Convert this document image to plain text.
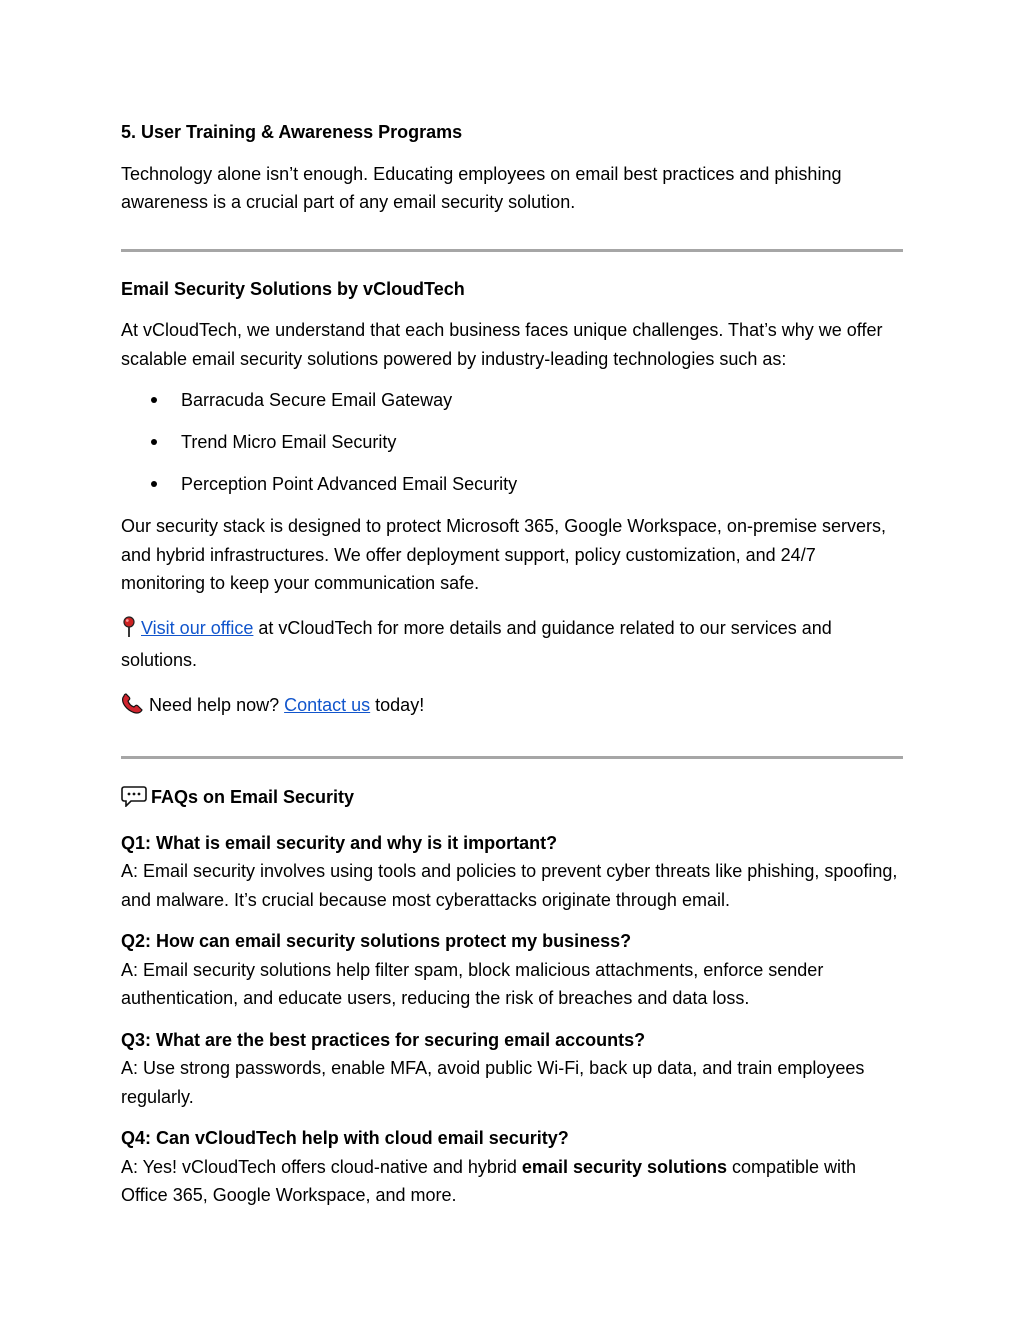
5. User Training & Awareness Programs

Technology alone isn’t enough. Educating employees on email best practices and phishing awareness is a crucial part of any email security solution.

Email Security Solutions by vCloudTech

At vCloudTech, we understand that each business faces unique challenges. That’s why we offer scalable email security solutions powered by industry-leading technologies such as:

Barracuda Secure Email Gateway
Trend Micro Email Security
Perception Point Advanced Email Security

Our security stack is designed to protect Microsoft 365, Google Workspace, on-premise servers, and hybrid infrastructures. We offer deployment support, policy customization, and 24/7 monitoring to keep your communication safe.

Visit our office at vCloudTech for more details and guidance related to our services and solutions.

Need help now? Contact us today!

FAQs on Email Security

Q1: What is email security and why is it important?

A: Email security involves using tools and policies to prevent cyber threats like phishing, spoofing, and malware. It’s crucial because most cyberattacks originate through email.

Q2: How can email security solutions protect my business?

A: Email security solutions help filter spam, block malicious attachments, enforce sender authentication, and educate users, reducing the risk of breaches and data loss.

Q3: What are the best practices for securing email accounts?

A: Use strong passwords, enable MFA, avoid public Wi-Fi, back up data, and train employees regularly.

Q4: Can vCloudTech help with cloud email security?

A: Yes! vCloudTech offers cloud-native and hybrid email security solutions compatible with Office 365, Google Workspace, and more.
